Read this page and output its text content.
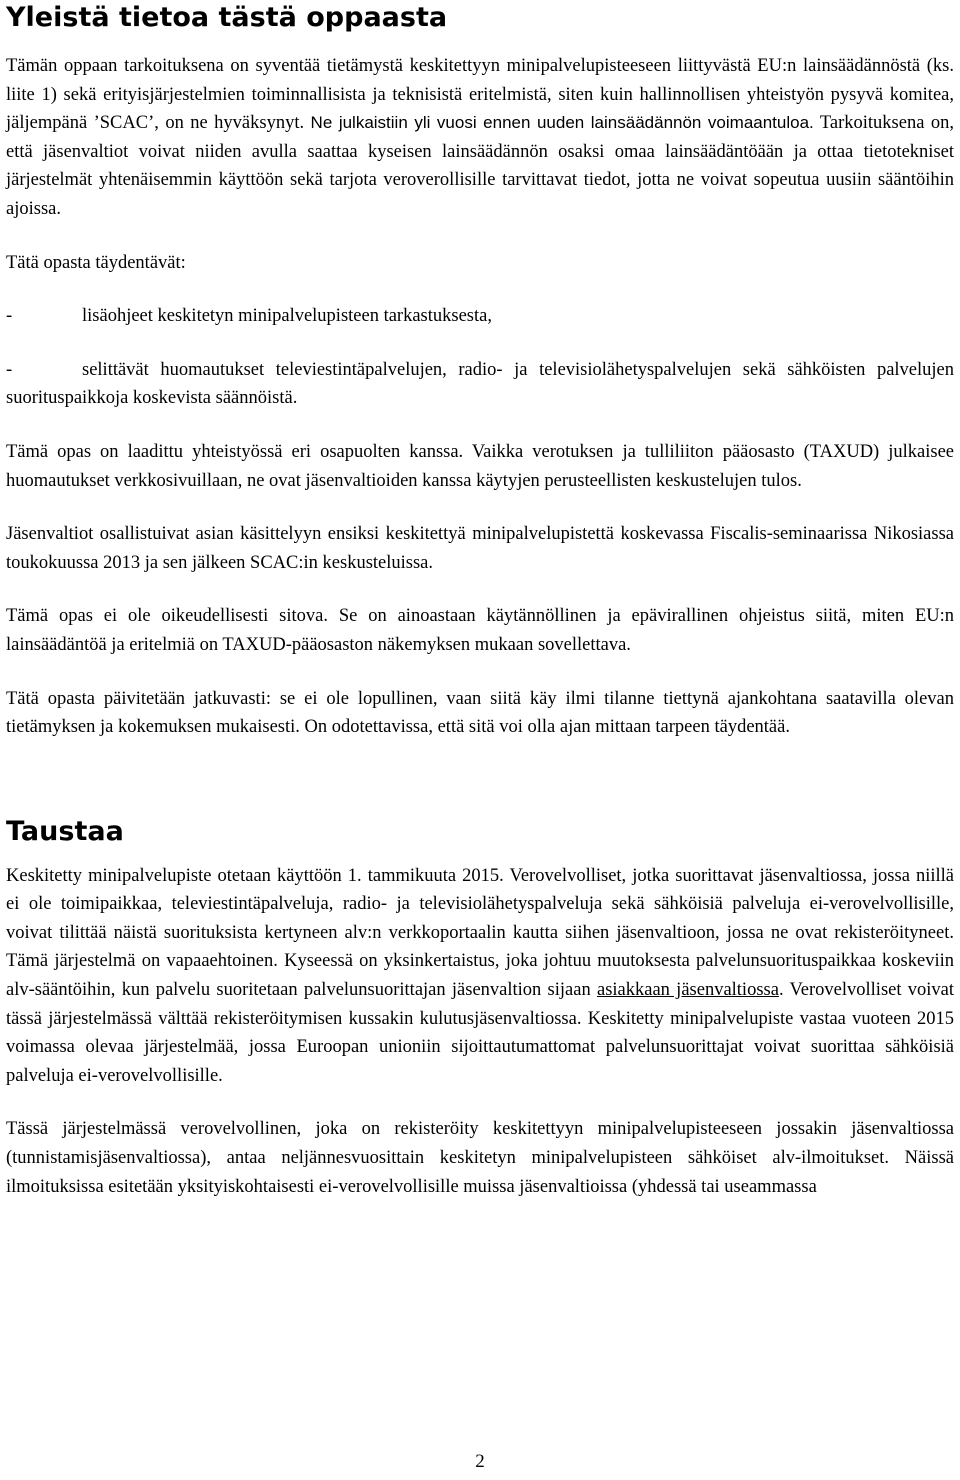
Yleistä tietoa tästä oppaasta

Tämän oppaan tarkoituksena on syventää tietämystä keskitettyyn minipalvelupisteeseen liittyvästä EU:n lainsäädännöstä (ks. liite 1) sekä erityisjärjestelmien toiminnallisista ja teknisistä eritelmistä, siten kuin hallinnollisen yhteistyön pysyvä komitea, jäljempänä ’SCAC’, on ne hyväksynyt. Ne julkaistiin yli vuosi ennen uuden lainsäädännön voimaantuloa. Tarkoituksena on, että jäsenvaltiot voivat niiden avulla saattaa kyseisen lainsäädännön osaksi omaa lainsäädäntöään ja ottaa tietotekniset järjestelmät yhtenäisemmin käyttöön sekä tarjota veroverollisille tarvittavat tiedot, jotta ne voivat sopeutua uusiin sääntöihin ajoissa.

Tätä opasta täydentävät:

-	lisäohjeet keskitetyn minipalvelupisteen tarkastuksesta,

-	selittävät huomautukset televiestintäpalvelujen, radio- ja televisiolähetyspalvelujen sekä sähköisten palvelujen suorituspaikkoja koskevista säännöistä.

Tämä opas on laadittu yhteistyössä eri osapuolten kanssa. Vaikka verotuksen ja tulliliiton pääosasto (TAXUD) julkaisee huomautukset verkkosivuillaan, ne ovat jäsenvaltioiden kanssa käytyjen perusteellisten keskustelujen tulos.

Jäsenvaltiot osallistuivat asian käsittelyyn ensiksi keskitettyä minipalvelupistettä koskevassa Fiscalis-seminaarissa Nikosiassa toukokuussa 2013 ja sen jälkeen SCAC:in keskusteluissa.

Tämä opas ei ole oikeudellisesti sitova. Se on ainoastaan käytännöllinen ja epävirallinen ohjeistus siitä, miten EU:n lainsäädäntöä ja eritelmiä on TAXUD-pääosaston näkemyksen mukaan sovellettava.

Tätä opasta päivitetään jatkuvasti: se ei ole lopullinen, vaan siitä käy ilmi tilanne tiettynä ajankohtana saatavilla olevan tietämyksen ja kokemuksen mukaisesti. On odotettavissa, että sitä voi olla ajan mittaan tarpeen täydentää.

Taustaa

Keskitetty minipalvelupiste otetaan käyttöön 1. tammikuuta 2015. Verovelvolliset, jotka suorittavat jäsenvaltiossa, jossa niillä ei ole toimipaikkaa, televiestintäpalveluja, radio- ja televisiolähetyspalveluja sekä sähköisiä palveluja ei-verovelvollisille, voivat tilittää näistä suorituksista kertyneen alv:n verkkoportaalin kautta siihen jäsenvaltioon, jossa ne ovat rekisteröityneet. Tämä järjestelmä on vapaaehtoinen. Kyseessä on yksinkertaistus, joka johtuu muutoksesta palvelunsuorituspaikkaa koskeviin alv-sääntöihin, kun palvelu suoritetaan palvelunsuorittajan jäsenvaltion sijaan asiakkaan jäsenvaltiossa. Verovelvolliset voivat tässä järjestelmässä välttää rekisteröitymisen kussakin kulutusjäsenvaltiossa. Keskitetty minipalvelupiste vastaa vuoteen 2015 voimassa olevaa järjestelmää, jossa Euroopan unioniin sijoittautumattomat palvelunsuorittajat voivat suorittaa sähköisiä palveluja ei-verovelvollisille.

Tässä järjestelmässä verovelvollinen, joka on rekisteröity keskitettyyn minipalvelupisteeseen jossakin jäsenvaltiossa (tunnistamisjäsenvaltiossa), antaa neljännesvuosittain keskitetyn minipalvelupisteen sähköiset alv-ilmoitukset. Näissä ilmoituksissa esitetään yksityiskohtaisesti ei-verovelvollisille muissa jäsenvaltioissa (yhdessä tai useammassa

2
